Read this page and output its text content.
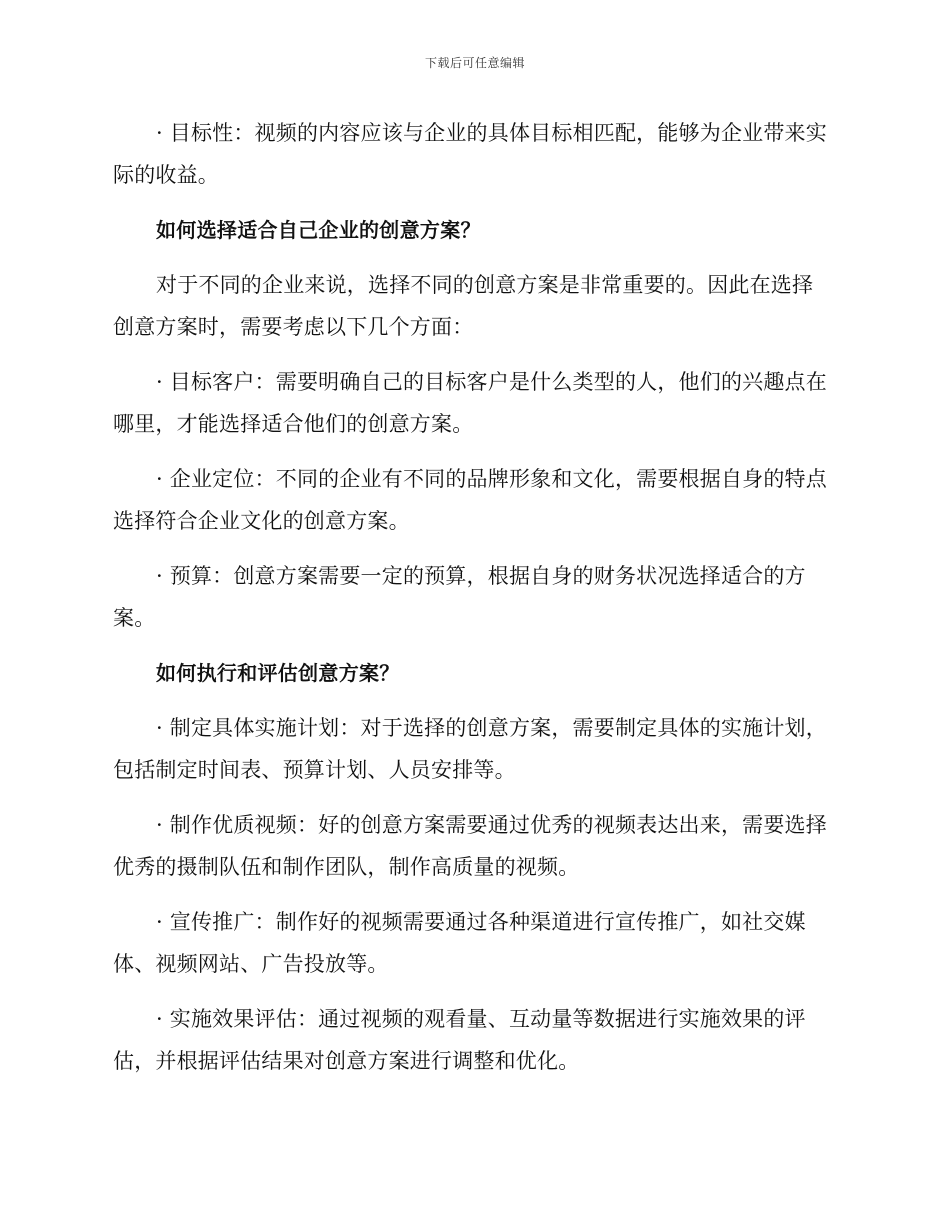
下载后可任意编辑

· 目标性：视频的内容应该与企业的具体目标相匹配，能够为企业带来实际的收益。

如何选择适合自己企业的创意方案？

对于不同的企业来说，选择不同的创意方案是非常重要的。因此在选择创意方案时，需要考虑以下几个方面：

· 目标客户：需要明确自己的目标客户是什么类型的人，他们的兴趣点在哪里，才能选择适合他们的创意方案。

· 企业定位：不同的企业有不同的品牌形象和文化，需要根据自身的特点选择符合企业文化的创意方案。

· 预算：创意方案需要一定的预算，根据自身的财务状况选择适合的方案。

如何执行和评估创意方案？

· 制定具体实施计划：对于选择的创意方案，需要制定具体的实施计划，包括制定时间表、预算计划、人员安排等。

· 制作优质视频：好的创意方案需要通过优秀的视频表达出来，需要选择优秀的摄制队伍和制作团队，制作高质量的视频。

· 宣传推广：制作好的视频需要通过各种渠道进行宣传推广，如社交媒体、视频网站、广告投放等。

· 实施效果评估：通过视频的观看量、互动量等数据进行实施效果的评估，并根据评估结果对创意方案进行调整和优化。
